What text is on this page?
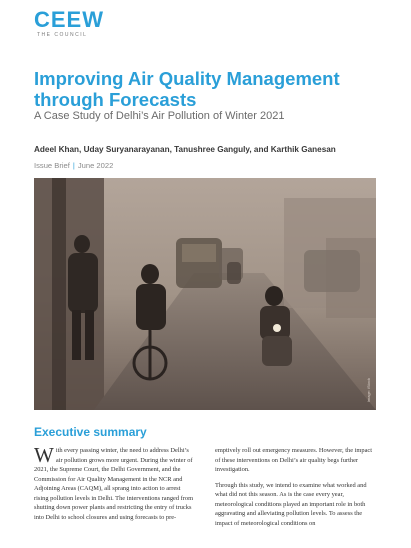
CEEW
THE COUNCIL
Improving Air Quality Management through Forecasts
A Case Study of Delhi’s Air Pollution of Winter 2021
Adeel Khan, Uday Suryanarayanan, Tanushree Ganguly, and Karthik Ganesan
Issue Brief | June 2022
Image: iStock
Executive summary

With every passing winter, the need to address Delhi’s air pollution grows more urgent. During the winter of 2021, the Supreme Court, the Delhi Government, and the Commission for Air Quality Management in the NCR and Adjoining Areas (CAQM), all sprang into action to arrest rising pollution levels in Delhi. The interventions ranged from shutting down power plants and restricting the entry of trucks into Delhi to school closures and using forecasts to pre-

emptively roll out emergency measures. However, the impact of these interventions on Delhi’s air quality begs further investigation.

Through this study, we intend to examine what worked and what did not this season. As is the case every year, meteorological conditions played an important role in both aggravating and alleviating pollution levels. To assess the impact of meteorological conditions on
